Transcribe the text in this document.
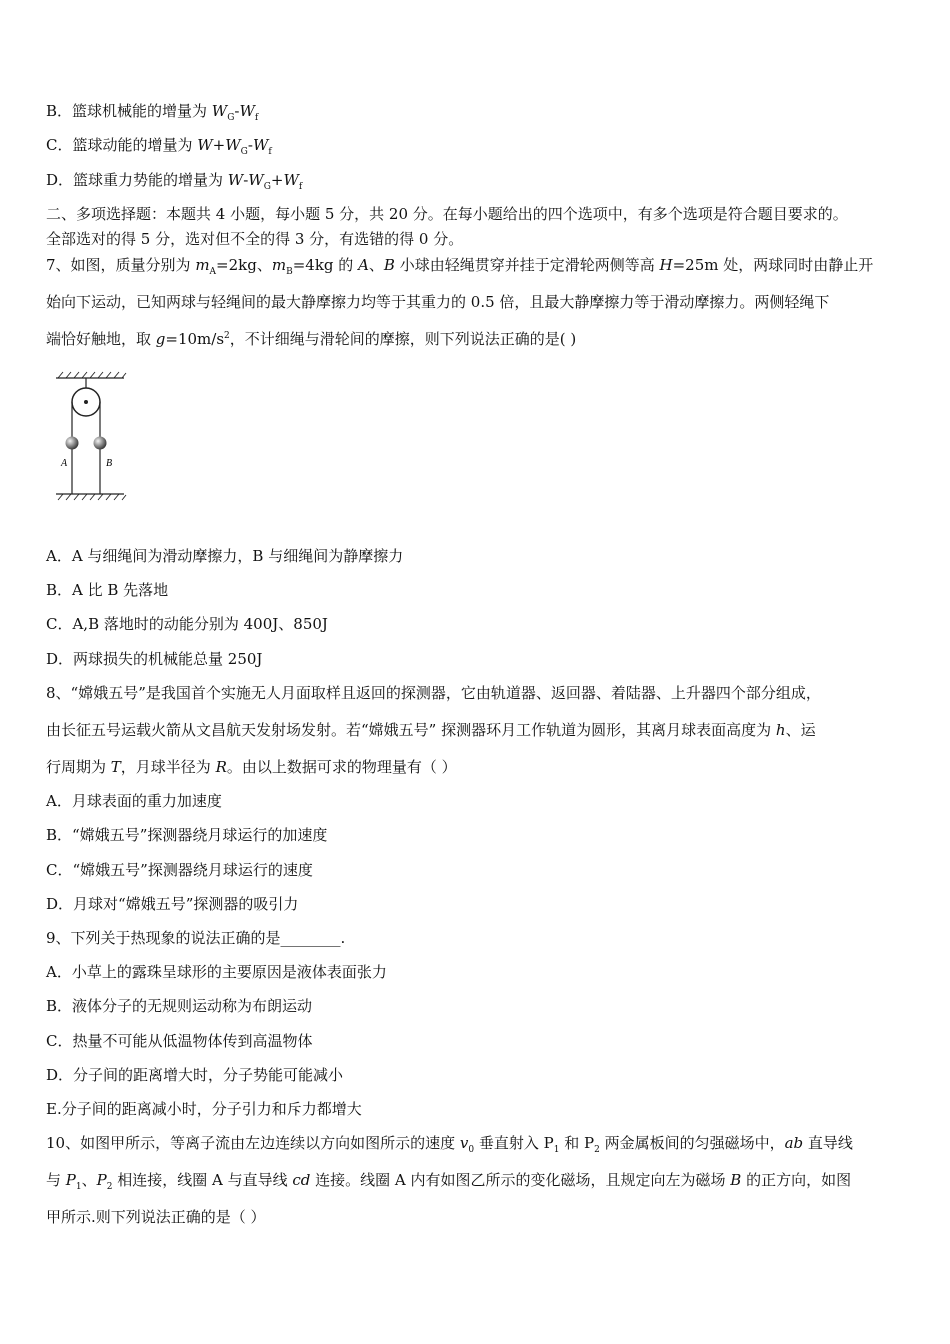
B．篮球机械能的增量为 $W_G-W_f$
C．篮球动能的增量为 $W+W_G-W_f$
D．篮球重力势能的增量为 $W-W_G+W_f$
二、多项选择题：本题共 4 小题，每小题 5 分，共 20 分。在每小题给出的四个选项中，有多个选项是符合题目要求的。
全部选对的得 5 分，选对但不全的得 3 分，有选错的得 0 分。
7、如图，质量分别为 $m_A=2kg$、$m_B=4kg$ 的 A、B 小球由轻绳贯穿并挂于定滑轮两侧等高 H=25m 处，两球同时由静止开
始向下运动，已知两球与轻绳间的最大静摩擦力均等于其重力的 0.5 倍，且最大静摩擦力等于滑动摩擦力。两侧轻绳下
端恰好触地，取 $g=10m/s^2$，不计细绳与滑轮间的摩擦，则下列说法正确的是( )
A	B
A．A 与细绳间为滑动摩擦力，B 与细绳间为静摩擦力
B．A 比 B 先落地
C．A,B 落地时的动能分别为 400J、850J
D．两球损失的机械能总量 250J
8、“嫦娥五号”是我国首个实施无人月面取样且返回的探测器，它由轨道器、返回器、着陆器、上升器四个部分组成，
由长征五号运载火箭从文昌航天发射场发射。若“嫦娥五号” 探测器环月工作轨道为圆形，其离月球表面高度为 h、运
行周期为 T，月球半径为 R。由以上数据可求的物理量有（ ）
A．月球表面的重力加速度
B．“嫦娥五号”探测器绕月球运行的加速度
C．“嫦娥五号”探测器绕月球运行的速度
D．月球对“嫦娥五号”探测器的吸引力
9、下列关于热现象的说法正确的是________.
A．小草上的露珠呈球形的主要原因是液体表面张力
B．液体分子的无规则运动称为布朗运动
C．热量不可能从低温物体传到高温物体
D．分子间的距离增大时，分子势能可能减小
E.分子间的距离减小时，分子引力和斥力都增大
10、如图甲所示，等离子流由左边连续以方向如图所示的速度 $v_0$ 垂直射入 $P_1$ 和 $P_2$ 两金属板间的匀强磁场中，ab 直导线
与 $P_1$、$P_2$ 相连接，线圈 A 与直导线 cd 连接。线圈 A 内有如图乙所示的变化磁场，且规定向左为磁场 B 的正方向，如图
甲所示.则下列说法正确的是（ ）
